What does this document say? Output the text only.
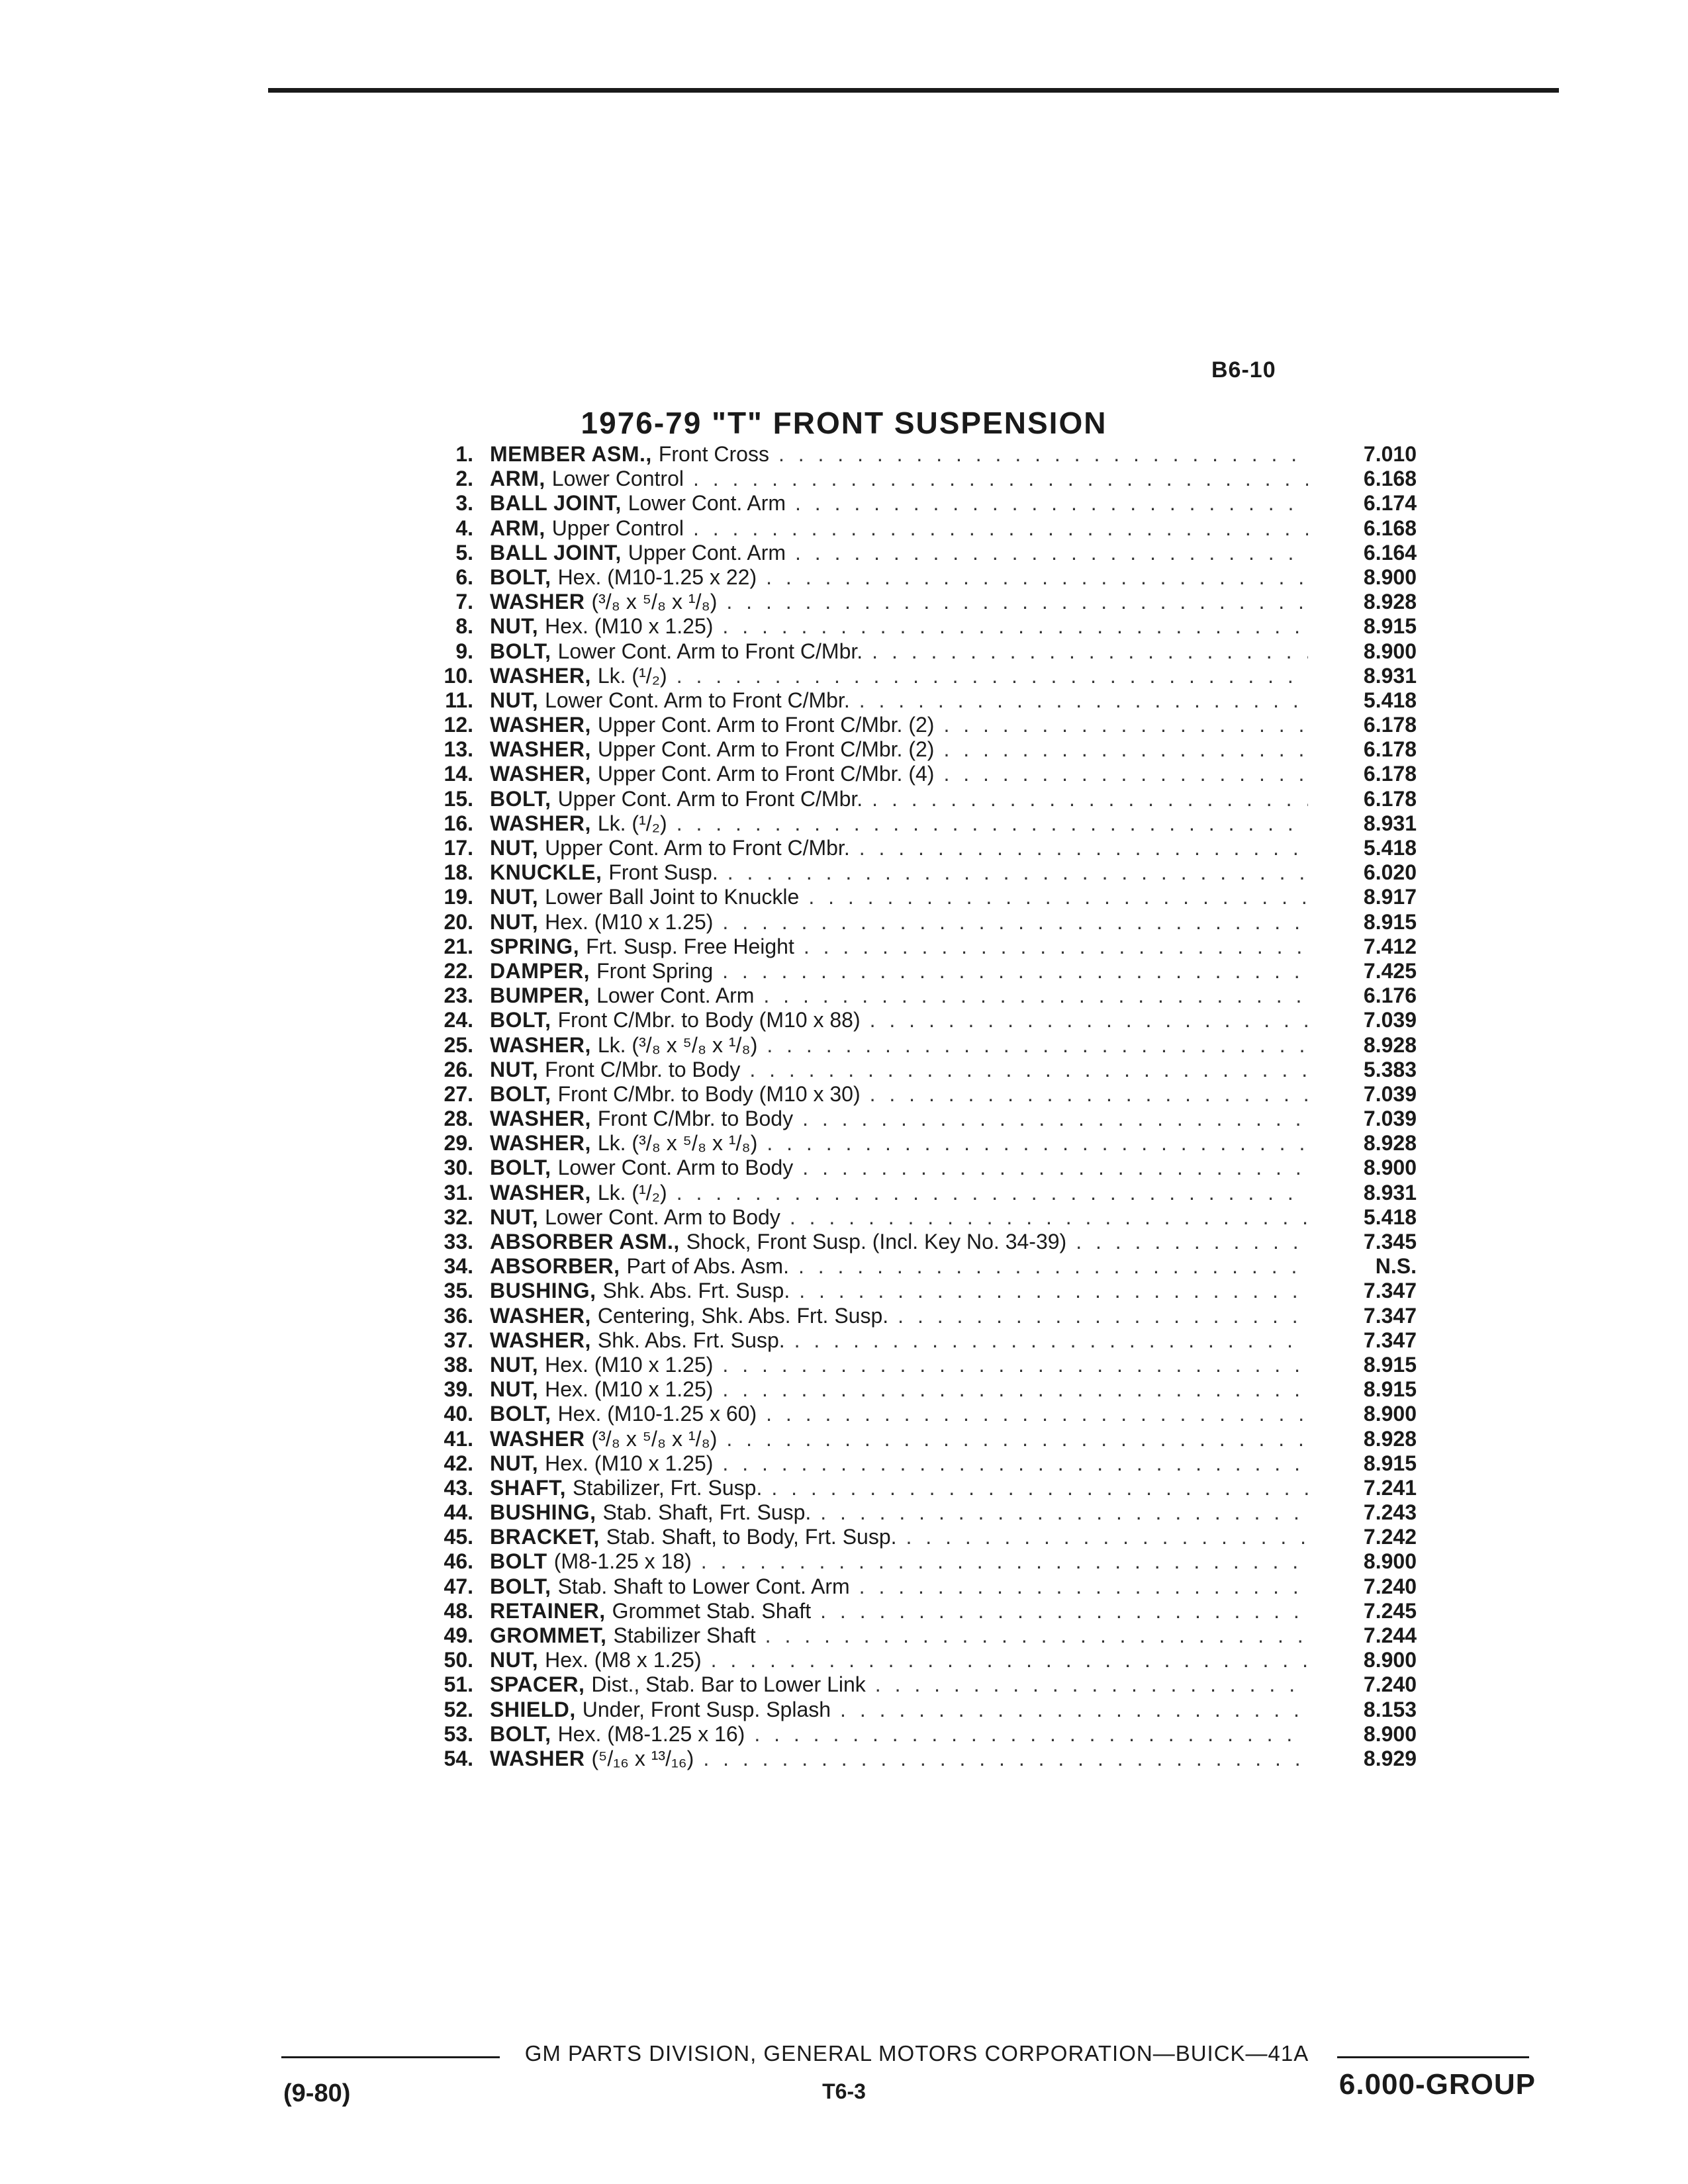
B6-10
1976-79 "T" FRONT SUSPENSION
1. MEMBER ASM., Front Cross . . .	7.010
2. ARM, Lower Control . . .	6.168
3. BALL JOINT, Lower Cont. Arm . . .	6.174
4. ARM, Upper Control . . .	6.168
5. BALL JOINT, Upper Cont. Arm . . .	6.164
6. BOLT, Hex. (M10-1.25 x 22) . . .	8.900
7. WASHER (³/₈ x ⁵/₈ x ¹/₈) . . .	8.928
8. NUT, Hex. (M10 x 1.25) . . .	8.915
9. BOLT, Lower Cont. Arm to Front C/Mbr. . . .	8.900
10. WASHER, Lk. (¹/₂) . . .	8.931
11. NUT, Lower Cont. Arm to Front C/Mbr. . . .	5.418
12. WASHER, Upper Cont. Arm to Front C/Mbr. (2) . . .	6.178
13. WASHER, Upper Cont. Arm to Front C/Mbr. (2) . . .	6.178
14. WASHER, Upper Cont. Arm to Front C/Mbr. (4) . . .	6.178
15. BOLT, Upper Cont. Arm to Front C/Mbr. . . .	6.178
16. WASHER, Lk. (¹/₂) . . .	8.931
17. NUT, Upper Cont. Arm to Front C/Mbr. . . .	5.418
18. KNUCKLE, Front Susp. . . .	6.020
19. NUT, Lower Ball Joint to Knuckle . . .	8.917
20. NUT, Hex. (M10 x 1.25) . . .	8.915
21. SPRING, Frt. Susp. Free Height . . .	7.412
22. DAMPER, Front Spring . . .	7.425
23. BUMPER, Lower Cont. Arm . . .	6.176
24. BOLT, Front C/Mbr. to Body (M10 x 88) . . .	7.039
25. WASHER, Lk. (³/₈ x ⁵/₈ x ¹/₈) . . .	8.928
26. NUT, Front C/Mbr. to Body . . .	5.383
27. BOLT, Front C/Mbr. to Body (M10 x 30) . . .	7.039
28. WASHER, Front C/Mbr. to Body . . .	7.039
29. WASHER, Lk. (³/₈ x ⁵/₈ x ¹/₈) . . .	8.928
30. BOLT, Lower Cont. Arm to Body . . .	8.900
31. WASHER, Lk. (¹/₂) . . .	8.931
32. NUT, Lower Cont. Arm to Body . . .	5.418
33. ABSORBER ASM., Shock, Front Susp. (Incl. Key No. 34-39) . . .	7.345
34. ABSORBER, Part of Abs. Asm. . . .	N.S.
35. BUSHING, Shk. Abs. Frt. Susp. . . .	7.347
36. WASHER, Centering, Shk. Abs. Frt. Susp. . . .	7.347
37. WASHER, Shk. Abs. Frt. Susp. . . .	7.347
38. NUT, Hex. (M10 x 1.25) . . .	8.915
39. NUT, Hex. (M10 x 1.25) . . .	8.915
40. BOLT, Hex. (M10-1.25 x 60) . . .	8.900
41. WASHER (³/₈ x ⁵/₈ x ¹/₈) . . .	8.928
42. NUT, Hex. (M10 x 1.25) . . .	8.915
43. SHAFT, Stabilizer, Frt. Susp. . . .	7.241
44. BUSHING, Stab. Shaft, Frt. Susp. . . .	7.243
45. BRACKET, Stab. Shaft, to Body, Frt. Susp. . . .	7.242
46. BOLT (M8-1.25 x 18) . . .	8.900
47. BOLT, Stab. Shaft to Lower Cont. Arm . . .	7.240
48. RETAINER, Grommet Stab. Shaft . . .	7.245
49. GROMMET, Stabilizer Shaft . . .	7.244
50. NUT, Hex. (M8 x 1.25) . . .	8.900
51. SPACER, Dist., Stab. Bar to Lower Link . . .	7.240
52. SHIELD, Under, Front Susp. Splash . . .	8.153
53. BOLT, Hex. (M8-1.25 x 16) . . .	8.900
54. WASHER (⁵/₁₆ x ¹³/₁₆) . . .	8.929
GM PARTS DIVISION, GENERAL MOTORS CORPORATION—BUICK—41A
(9-80)	T6-3	6.000-GROUP
